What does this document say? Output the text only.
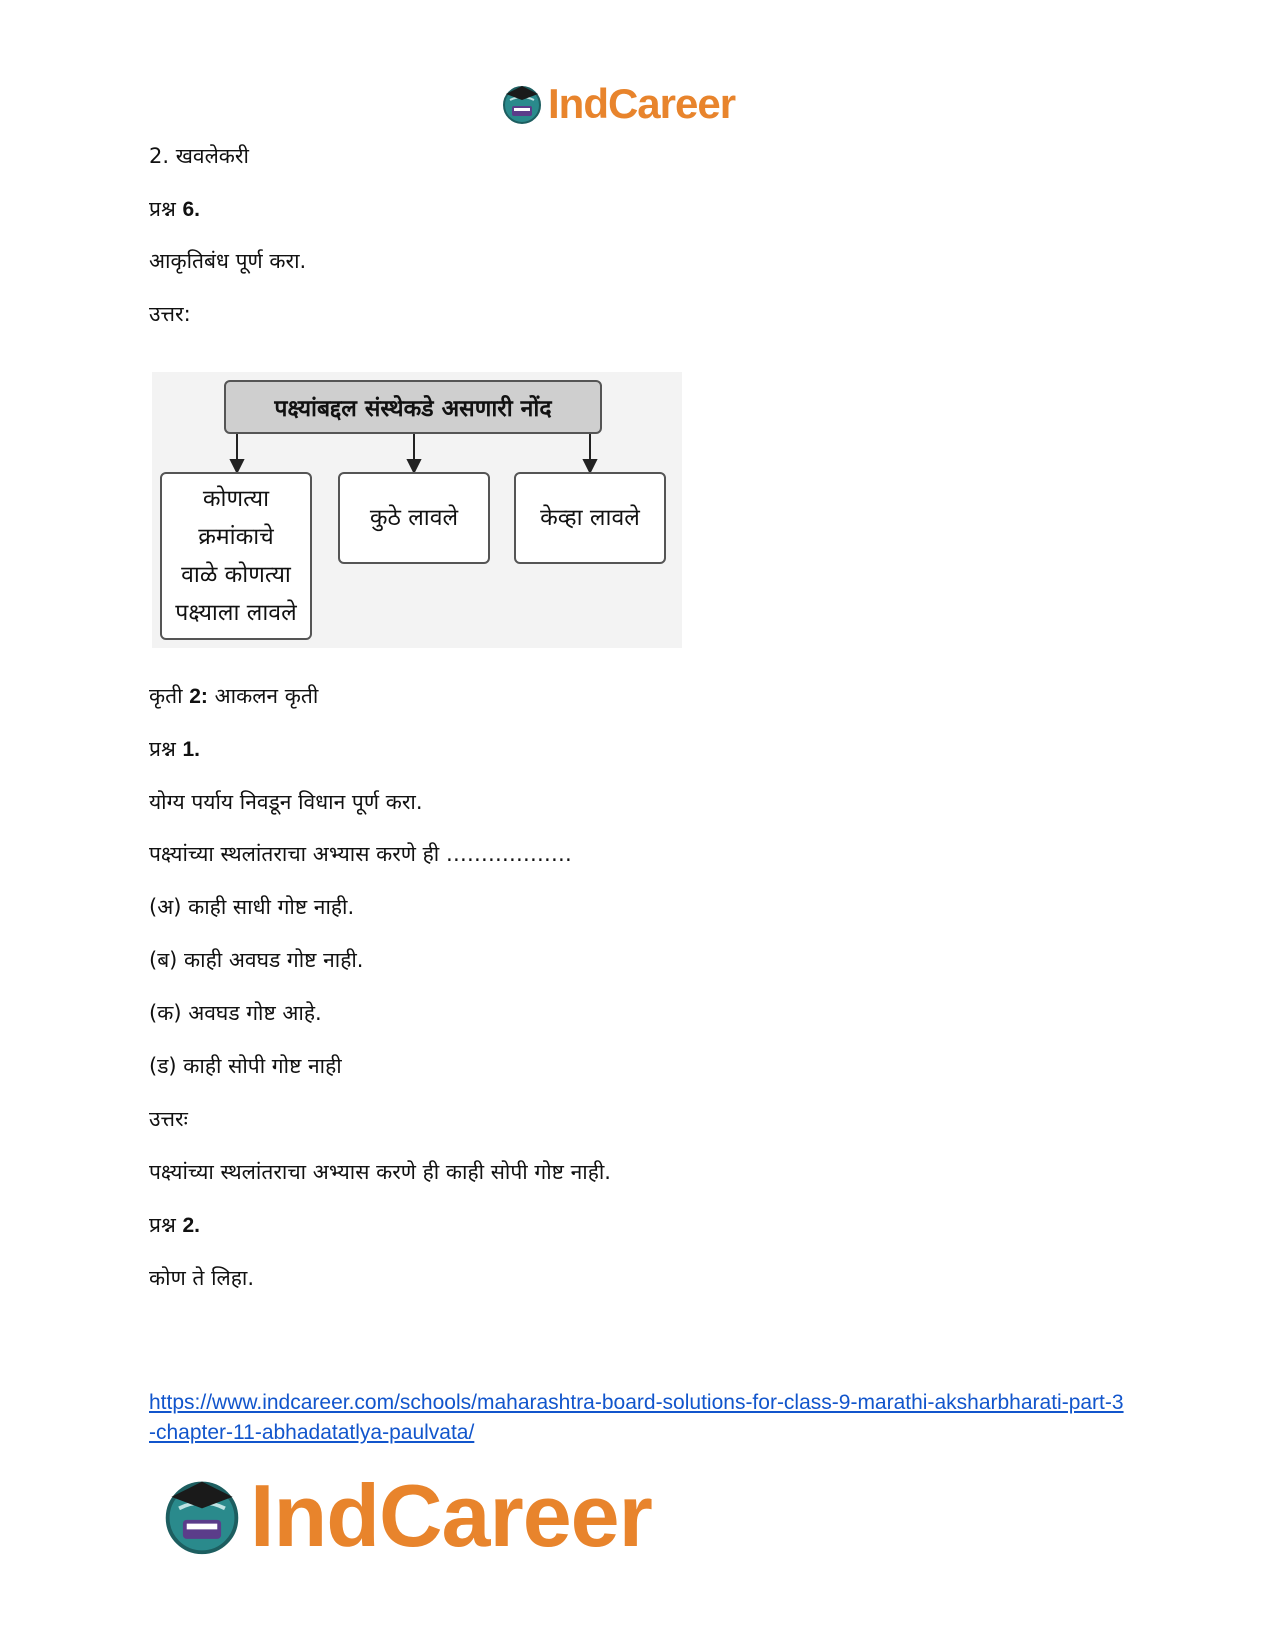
IndCareer
2. खवलेकरी
प्रश्न 6.
आकृतिबंध पूर्ण करा.
उत्तर:
पक्ष्यांबद्दल संस्थेकडे असणारी नोंद
कोणत्या
क्रमांकाचे
वाळे कोणत्या
पक्ष्याला लावले
कुठे लावले	केव्हा लावले
कृती 2: आकलन कृती
प्रश्न 1.
योग्य पर्याय निवडून विधान पूर्ण करा.
पक्ष्यांच्या स्थलांतराचा अभ्यास करणे ही ………………
(अ) काही साधी गोष्ट नाही.
(ब) काही अवघड गोष्ट नाही.
(क) अवघड गोष्ट आहे.
(ड) काही सोपी गोष्ट नाही
उत्तरः
पक्ष्यांच्या स्थलांतराचा अभ्यास करणे ही काही सोपी गोष्ट नाही.
प्रश्न 2.
कोण ते लिहा.
https://www.indcareer.com/schools/maharashtra-board-solutions-for-class-9-marathi-aksharbharati-part-3-chapter-11-abhadatatlya-paulvata/
IndCareer
